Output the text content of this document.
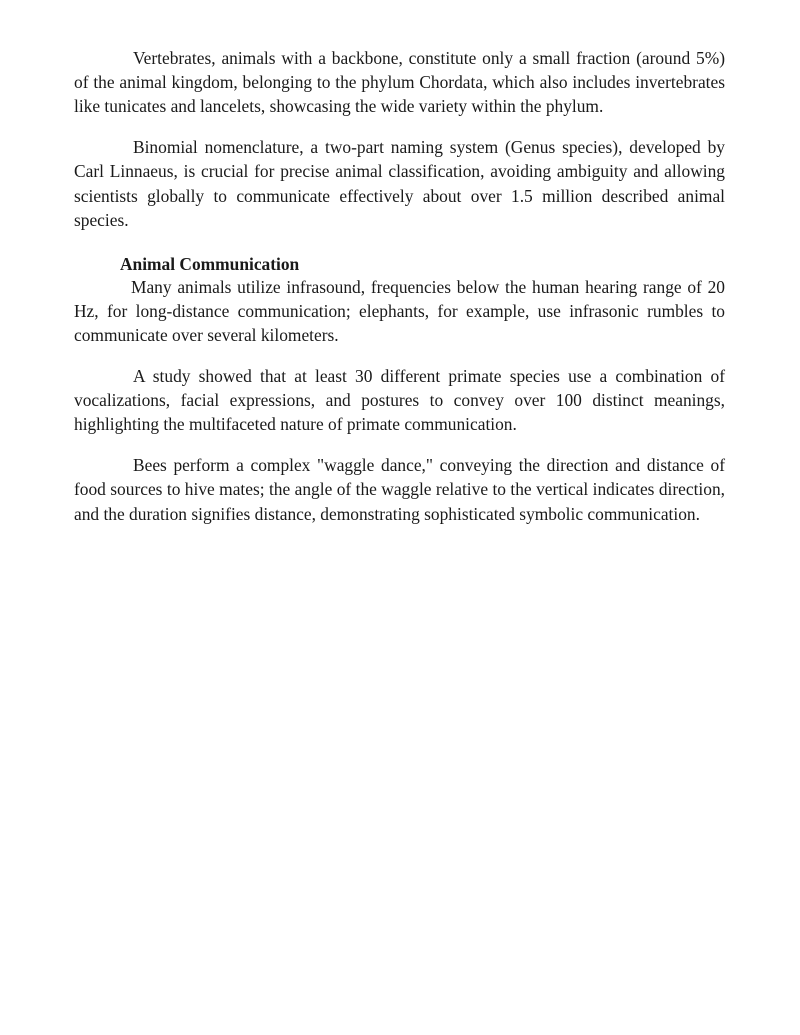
Vertebrates, animals with a backbone, constitute only a small fraction (around 5%) of the animal kingdom, belonging to the phylum Chordata, which also includes invertebrates like tunicates and lancelets, showcasing the wide variety within the phylum.

Binomial nomenclature, a two-part naming system (Genus species), developed by Carl Linnaeus, is crucial for precise animal classification, avoiding ambiguity and allowing scientists globally to communicate effectively about over 1.5 million described animal species.

Animal Communication

Many animals utilize infrasound, frequencies below the human hearing range of 20 Hz, for long-distance communication; elephants, for example, use infrasonic rumbles to communicate over several kilometers.

A study showed that at least 30 different primate species use a combination of vocalizations, facial expressions, and postures to convey over 100 distinct meanings, highlighting the multifaceted nature of primate communication.

Bees perform a complex "waggle dance," conveying the direction and distance of food sources to hive mates; the angle of the waggle relative to the vertical indicates direction, and the duration signifies distance, demonstrating sophisticated symbolic communication.
